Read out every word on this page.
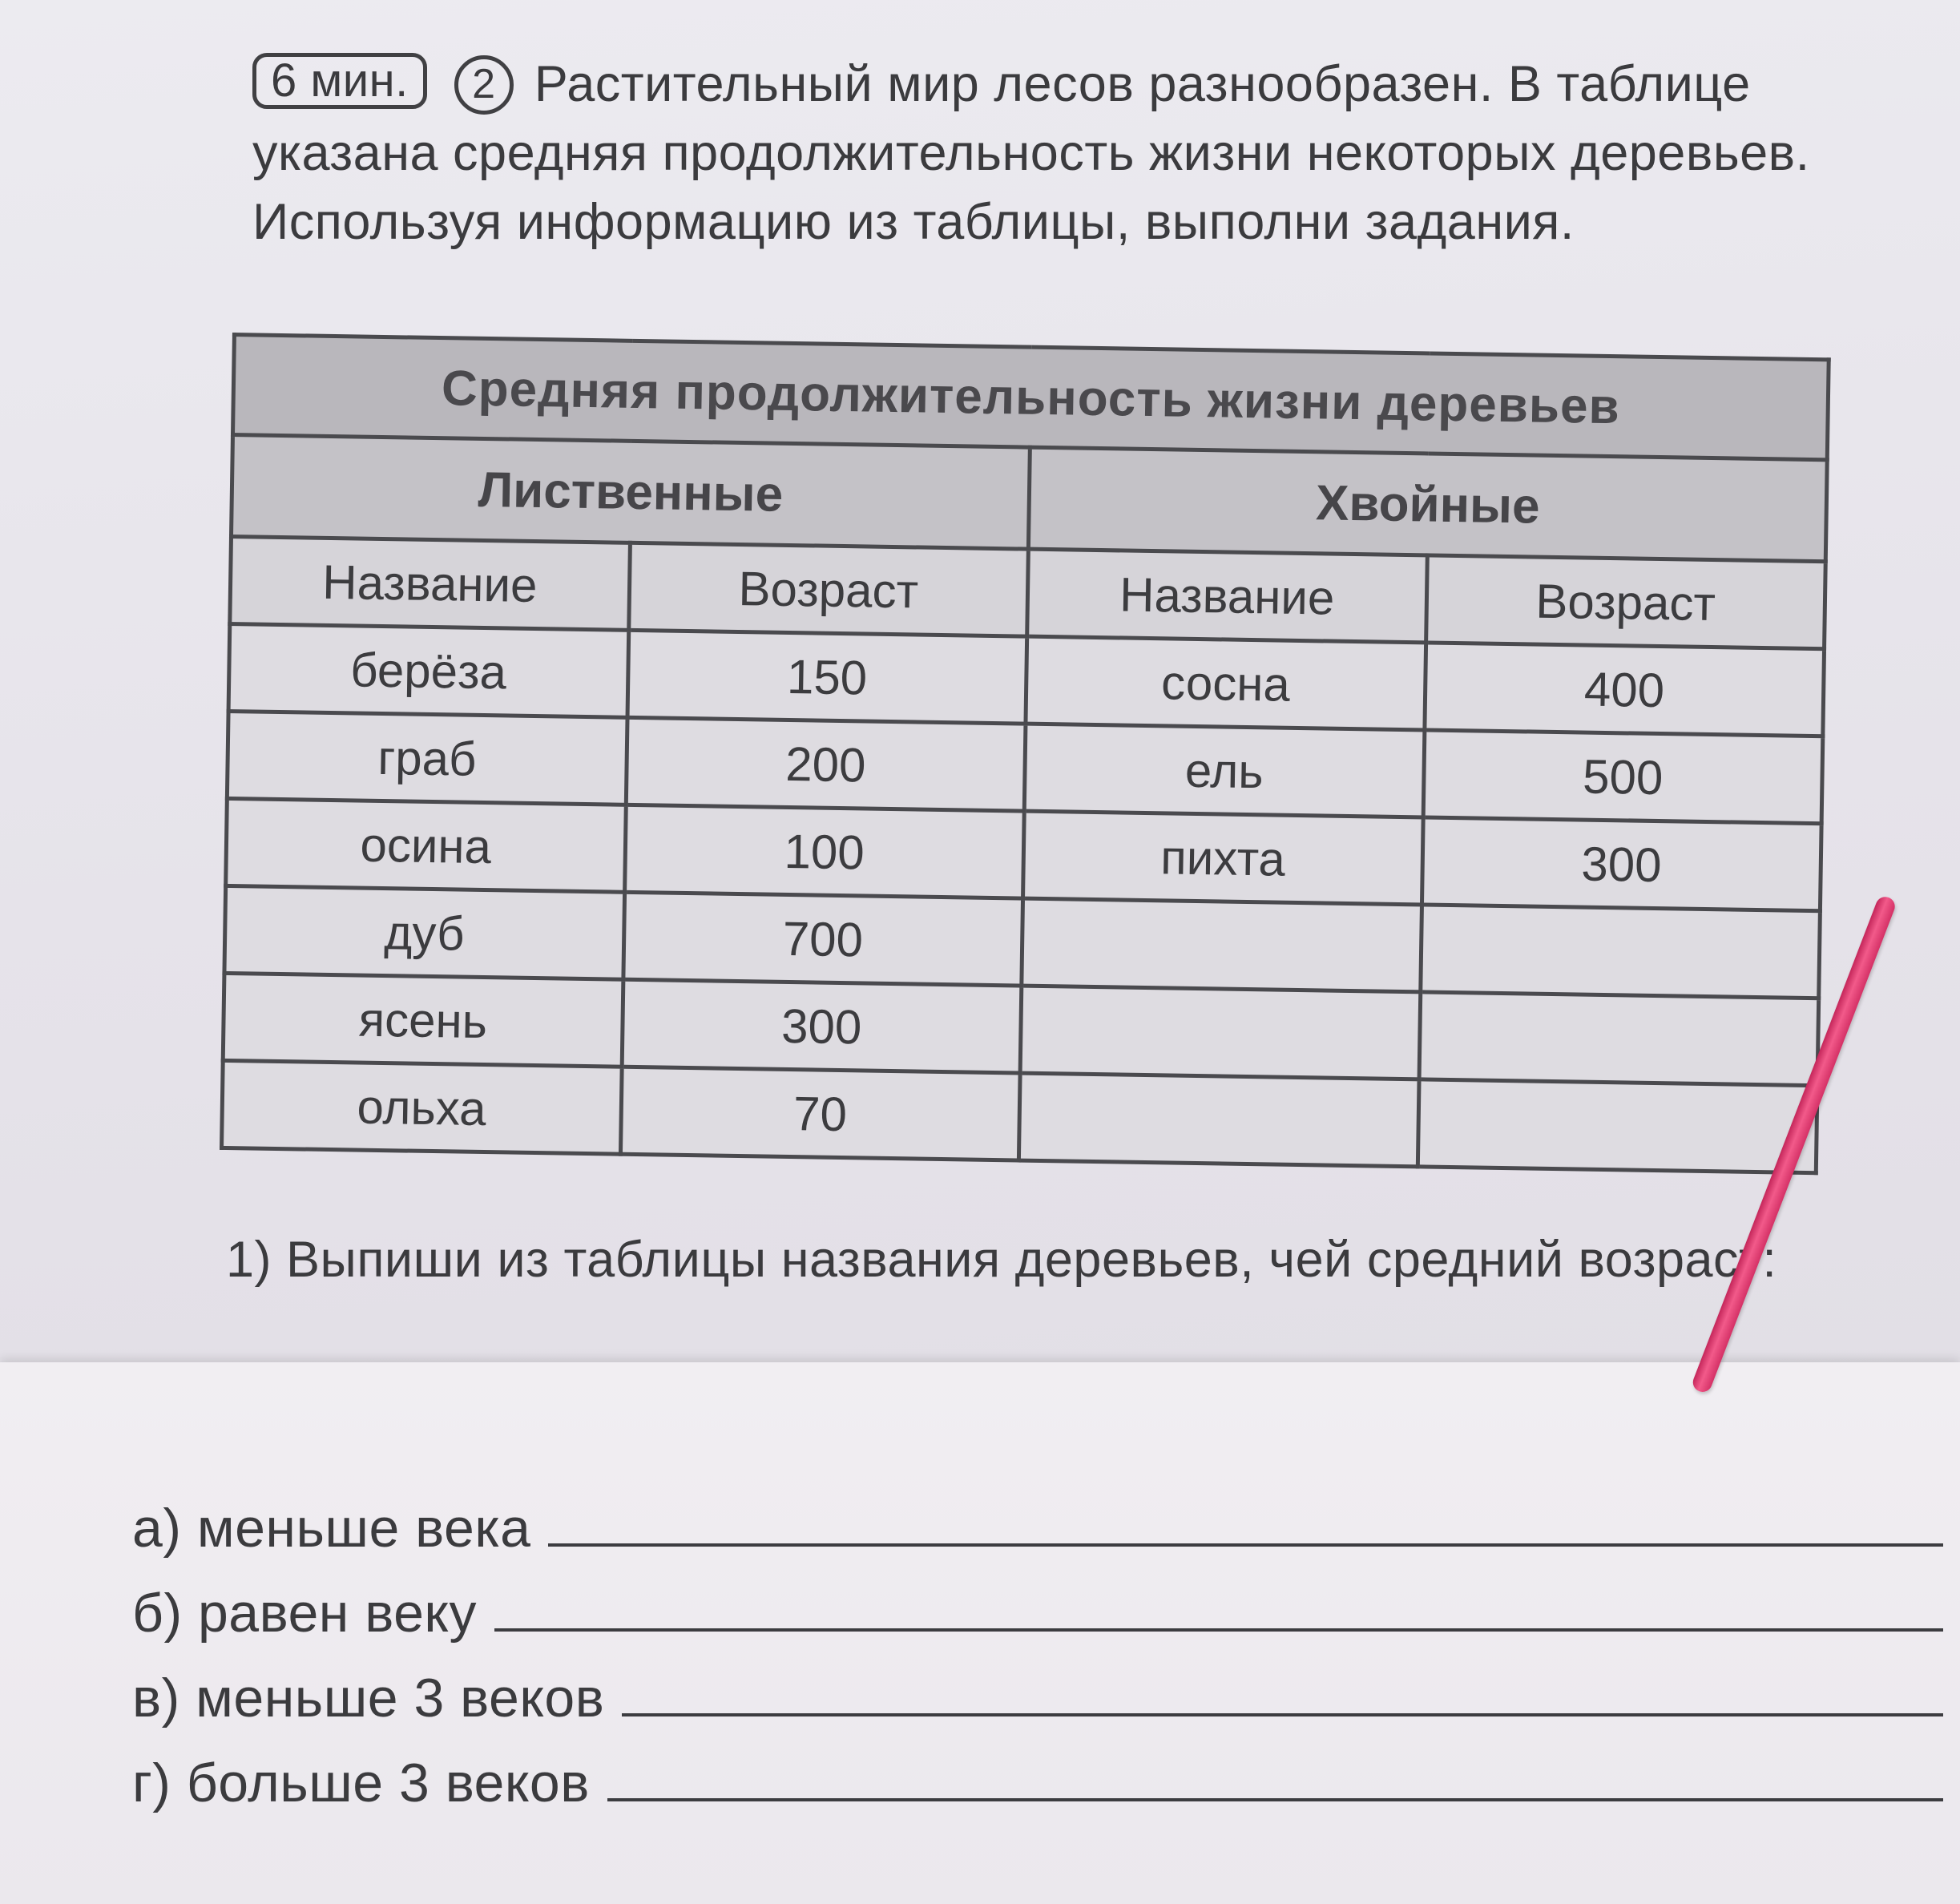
6 мин. 2 Растительный мир лесов разнообразен. В таблице указана средняя продолжительность жизни некоторых деревьев. Используя информацию из таблицы, выполни задания.
Средняя продолжительность жизни деревьев			
Лиственные		Хвойные	
Название	Возраст	Название	Возраст
берёза	150	сосна	400
граб	200	ель	500
осина	100	пихта	300
дуб	700		
ясень	300		
ольха	70		
1) Выпиши из таблицы названия деревьев, чей средний возраст:
а) меньше века
б) равен веку
в) меньше 3 веков
г) больше 3 веков
